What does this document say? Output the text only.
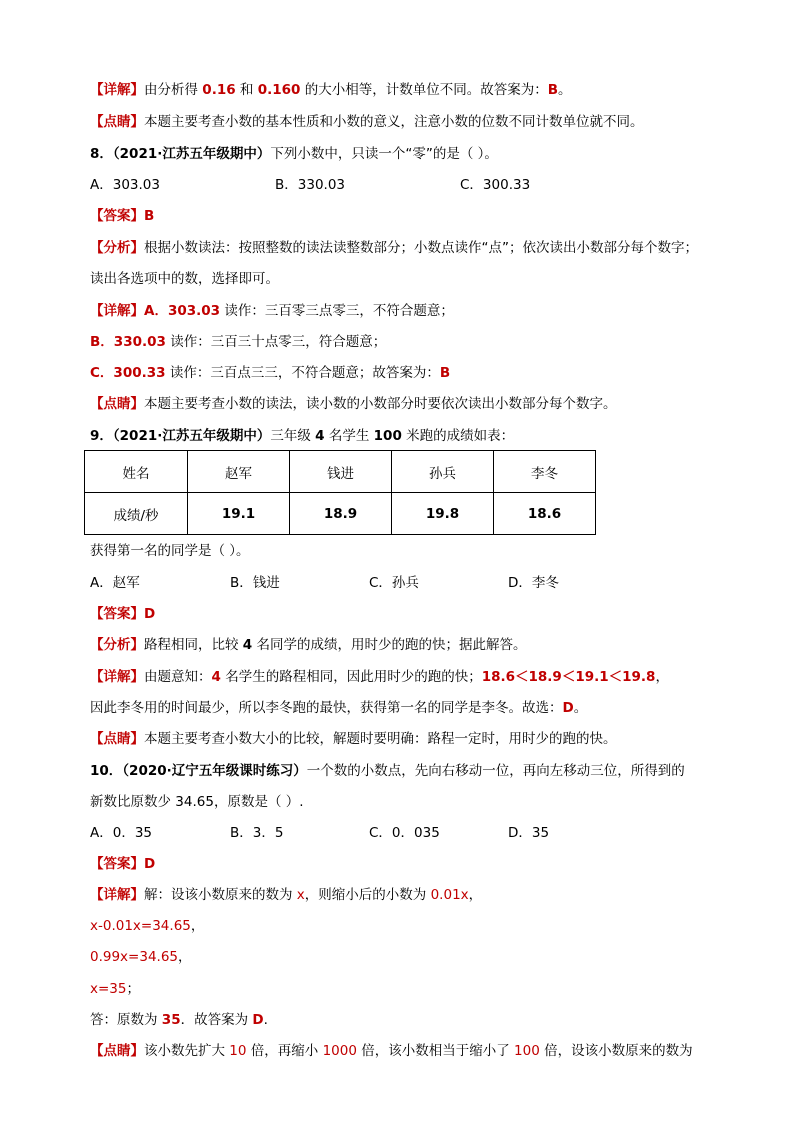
【详解】由分析得 0.16 和 0.160 的大小相等，计数单位不同。故答案为：B。
【点睛】本题主要考查小数的基本性质和小数的意义，注意小数的位数不同计数单位就不同。
8．（2021·江苏五年级期中）下列小数中，只读一个“零”的是（ ）。
A．303.03	B．330.03	C．300.33
【答案】B
【分析】根据小数读法：按照整数的读法读整数部分；小数点读作“点”；依次读出小数部分每个数字；
读出各选项中的数，选择即可。
【详解】A．303.03 读作：三百零三点零三，不符合题意；
B．330.03 读作：三百三十点零三，符合题意；
C．300.33 读作：三百点三三，不符合题意；故答案为：B
【点睛】本题主要考查小数的读法，读小数的小数部分时要依次读出小数部分每个数字。
9．（2021·江苏五年级期中）三年级 4 名学生 100 米跑的成绩如表：
姓名	赵军	钱进	孙兵	李冬
成绩/秒	19.1	18.9	19.8	18.6
获得第一名的同学是（ ）。
A．赵军	B．钱进	C．孙兵	D．李冬
【答案】D
【分析】路程相同，比较 4 名同学的成绩，用时少的跑的快；据此解答。
【详解】由题意知：4 名学生的路程相同，因此用时少的跑的快；18.6＜18.9＜19.1＜19.8，
因此李冬用的时间最少，所以李冬跑的最快，获得第一名的同学是李冬。故选：D。
【点睛】本题主要考查小数大小的比较，解题时要明确：路程一定时，用时少的跑的快。
10．（2020·辽宁五年级课时练习）一个数的小数点，先向右移动一位，再向左移动三位，所得到的
新数比原数少 34.65，原数是（ ）.
A．0．35	B．3．5	C．0．035	D．35
【答案】D
【详解】解：设该小数原来的数为 x，则缩小后的小数为 0.01x，
x-0.01x=34.65，
0.99x=34.65，
x=35；
答：原数为 35．故答案为 D.
【点睛】该小数先扩大 10 倍，再缩小 1000 倍，该小数相当于缩小了 100 倍，设该小数原来的数为
